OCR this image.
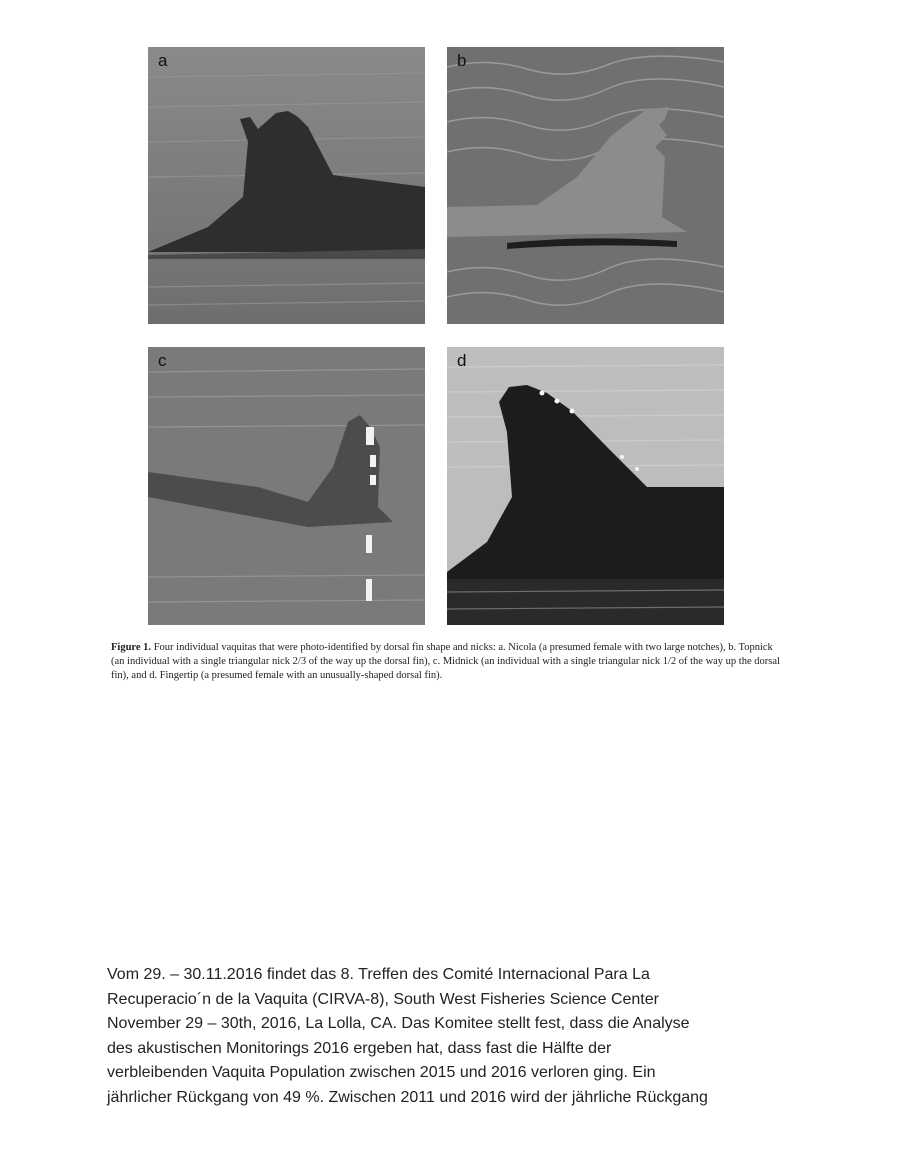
a	b
c	d
Figure 1. Four individual vaquitas that were photo-identified by dorsal fin shape and nicks: a. Nicola (a presumed female with two large notches), b. Topnick (an individual with a single triangular nick 2/3 of the way up the dorsal fin), c. Midnick (an individual with a single triangular nick 1/2 of the way up the dorsal fin), and d. Fingertip (a presumed female with an unusually-shaped dorsal fin).

Vom 29. – 30.11.2016 findet das 8. Treffen des Comité Internacional Para La

Recuperacio´n de la Vaquita (CIRVA-8), South West Fisheries Science Center

November 29 – 30th, 2016, La Lolla, CA. Das Komitee stellt fest, dass die Analyse

des akustischen Monitorings 2016 ergeben hat, dass fast die Hälfte der

verbleibenden Vaquita Population zwischen 2015 und 2016 verloren ging. Ein

jährlicher Rückgang von 49 %. Zwischen 2011 und 2016 wird der jährliche Rückgang
